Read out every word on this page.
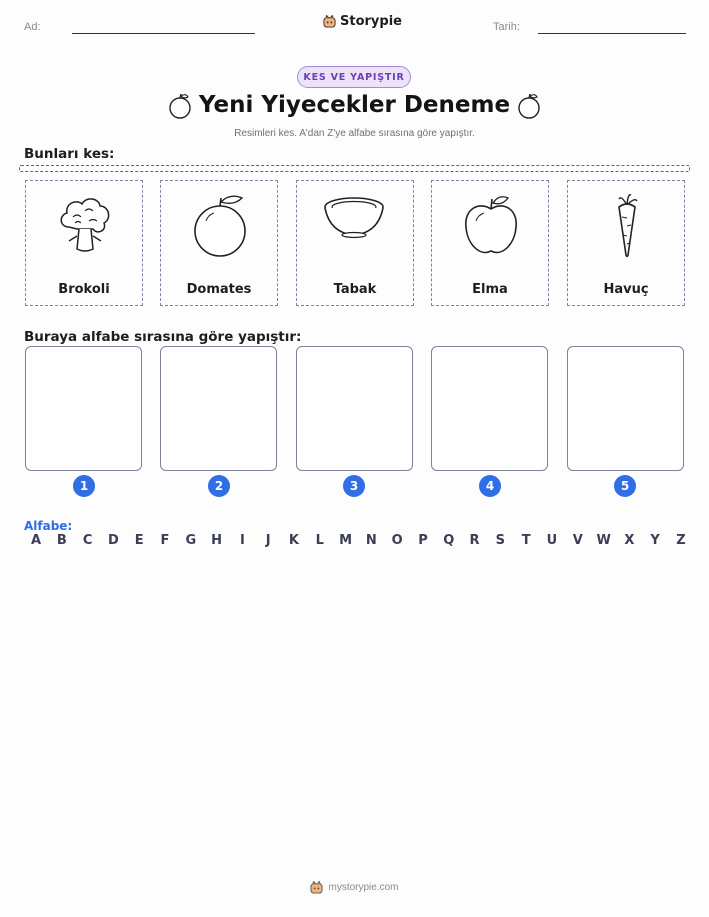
Ad:	Storypie	Tarih:
KES VE YAPIŞTIR
Yeni Yiyecekler Deneme
Resimleri kes. A'dan Z'ye alfabe sırasına göre yapıştır.
Bunları kes:
Brokoli	Domates	Tabak	Elma	Havuç
Buraya alfabe sırasına göre yapıştır:
1	2	3	4	5
Alfabe:
A B C D E F G H	I	J	K L M N O P Q R S T U V W X Y Z
mystorypie.com
